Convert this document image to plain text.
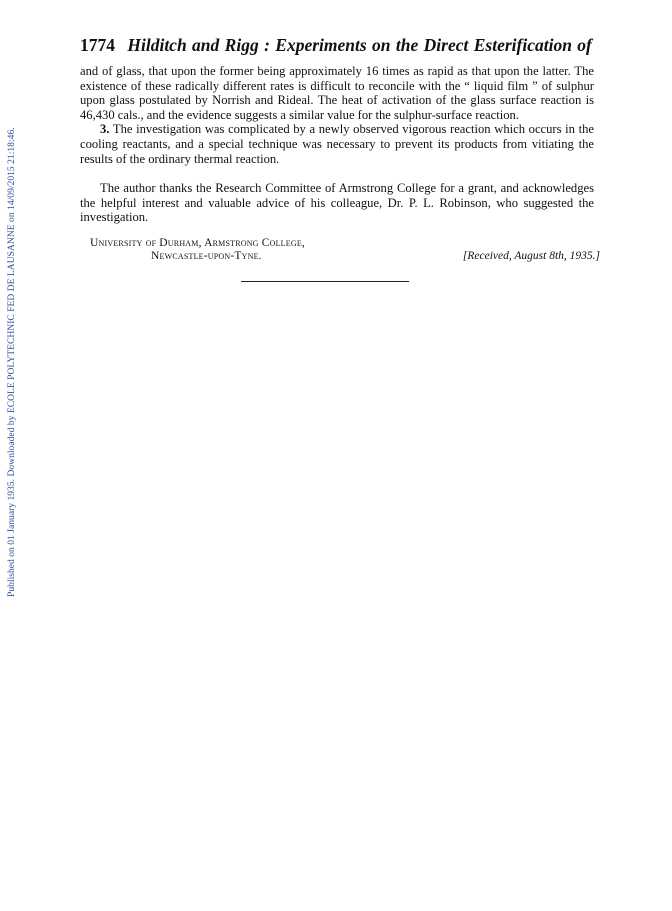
Published on 01 January 1935. Downloaded by ECOLE POLYTECHNIC FED DE LAUSANNE on 14/09/2015 21:18:46.
1774 Hilditch and Rigg : Experiments on the Direct Esterification of

and of glass, that upon the former being approximately 16 times as rapid as that upon the latter. The existence of these radically different rates is difficult to reconcile with the “ liquid film ” of sulphur upon glass postulated by Norrish and Rideal. The heat of activation of the glass surface reaction is 46,430 cals., and the evidence suggests a similar value for the sulphur-surface reaction.

3. The investigation was complicated by a newly observed vigorous reaction which occurs in the cooling reactants, and a special technique was necessary to prevent its products from vitiating the results of the ordinary thermal reaction.

The author thanks the Research Committee of Armstrong College for a grant, and acknowledges the helpful interest and valuable advice of his colleague, Dr. P. L. Robinson, who suggested the investigation.

University of Durham, Armstrong College,
Newcastle-upon-Tyne.	[Received, August 8th, 1935.]
